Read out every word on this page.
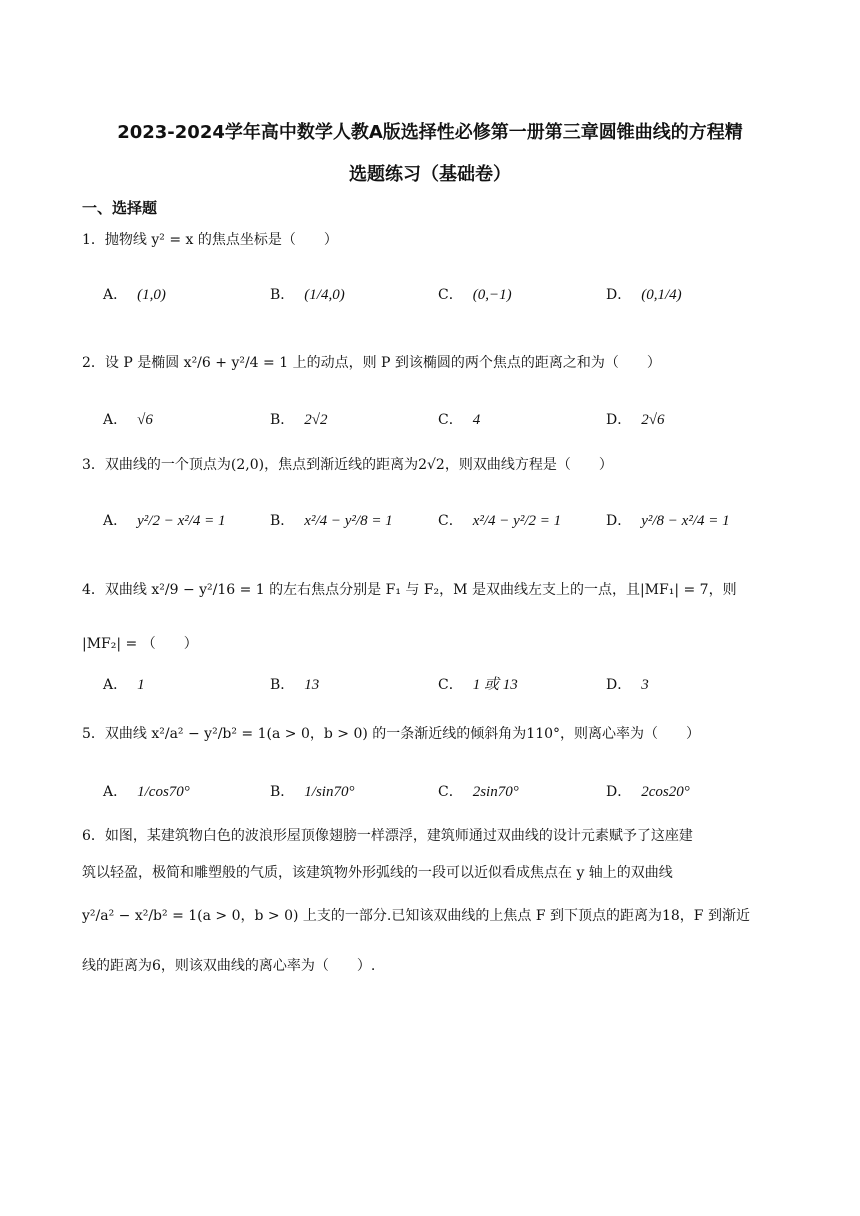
2023-2024学年高中数学人教A版选择性必修第一册第三章圆锥曲线的方程精
选题练习（基础卷）
一、选择题
1．抛物线 y² = x 的焦点坐标是（　　）
A． (1,0)	B． (1/4,0)	C． (0,−1)	D． (0,1/4)
2．设 P 是椭圆 x²/6 + y²/4 = 1 上的动点，则 P 到该椭圆的两个焦点的距离之和为（　　）
A． √6	B． 2√2	C． 4	D． 2√6
3．双曲线的一个顶点为(2,0)，焦点到渐近线的距离为2√2，则双曲线方程是（　　）
A． y²/2 − x²/4 = 1	B． x²/4 − y²/8 = 1	C． x²/4 − y²/2 = 1	D． y²/8 − x²/4 = 1
4．双曲线 x²/9 − y²/16 = 1 的左右焦点分别是 F₁ 与 F₂，M 是双曲线左支上的一点，且|MF₁| = 7，则
|MF₂| = （　　）
A． 1	B． 13	C． 1 或 13	D． 3
5．双曲线 x²/a² − y²/b² = 1(a > 0，b > 0) 的一条渐近线的倾斜角为110°，则离心率为（　　）
A． 1/cos70°	B． 1/sin70°	C． 2sin70°	D． 2cos20°
6．如图，某建筑物白色的波浪形屋顶像翅膀一样漂浮，建筑师通过双曲线的设计元素赋予了这座建
筑以轻盈，极简和雕塑般的气质，该建筑物外形弧线的一段可以近似看成焦点在 y 轴上的双曲线
y²/a² − x²/b² = 1(a > 0，b > 0) 上支的一部分.已知该双曲线的上焦点 F 到下顶点的距离为18，F 到渐近
线的距离为6，则该双曲线的离心率为（　　）.
